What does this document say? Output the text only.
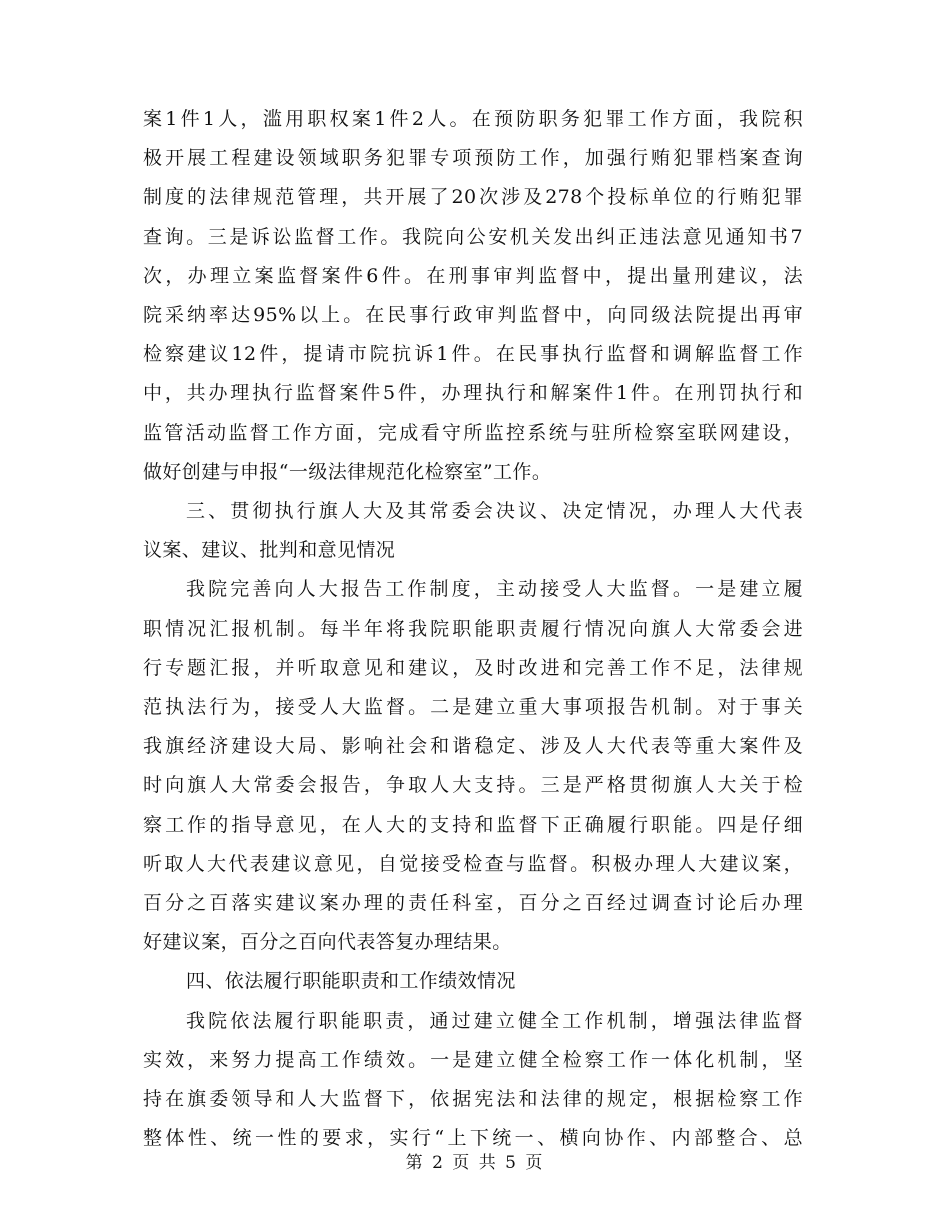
案1件1人，滥用职权案1件2人。在预防职务犯罪工作方面，我院积
极开展工程建设领域职务犯罪专项预防工作，加强行贿犯罪档案查询
制度的法律规范管理，共开展了20次涉及278个投标单位的行贿犯罪
查询。三是诉讼监督工作。我院向公安机关发出纠正违法意见通知书7
次，办理立案监督案件6件。在刑事审判监督中，提出量刑建议，法
院采纳率达95%以上。在民事行政审判监督中，向同级法院提出再审
检察建议12件，提请市院抗诉1件。在民事执行监督和调解监督工作
中，共办理执行监督案件5件，办理执行和解案件1件。在刑罚执行和
监管活动监督工作方面，完成看守所监控系统与驻所检察室联网建设，
做好创建与申报“一级法律规范化检察室”工作。
三、贯彻执行旗人大及其常委会决议、决定情况，办理人大代表
议案、建议、批判和意见情况
我院完善向人大报告工作制度，主动接受人大监督。一是建立履
职情况汇报机制。每半年将我院职能职责履行情况向旗人大常委会进
行专题汇报，并听取意见和建议，及时改进和完善工作不足，法律规
范执法行为，接受人大监督。二是建立重大事项报告机制。对于事关
我旗经济建设大局、影响社会和谐稳定、涉及人大代表等重大案件及
时向旗人大常委会报告，争取人大支持。三是严格贯彻旗人大关于检
察工作的指导意见，在人大的支持和监督下正确履行职能。四是仔细
听取人大代表建议意见，自觉接受检查与监督。积极办理人大建议案，
百分之百落实建议案办理的责任科室，百分之百经过调查讨论后办理
好建议案，百分之百向代表答复办理结果。
四、依法履行职能职责和工作绩效情况
我院依法履行职能职责，通过建立健全工作机制，增强法律监督
实效，来努力提高工作绩效。一是建立健全检察工作一体化机制，坚
持在旗委领导和人大监督下，依据宪法和法律的规定，根据检察工作
整体性、统一性的要求，实行“上下统一、横向协作、内部整合、总
第 2 页 共 5 页
